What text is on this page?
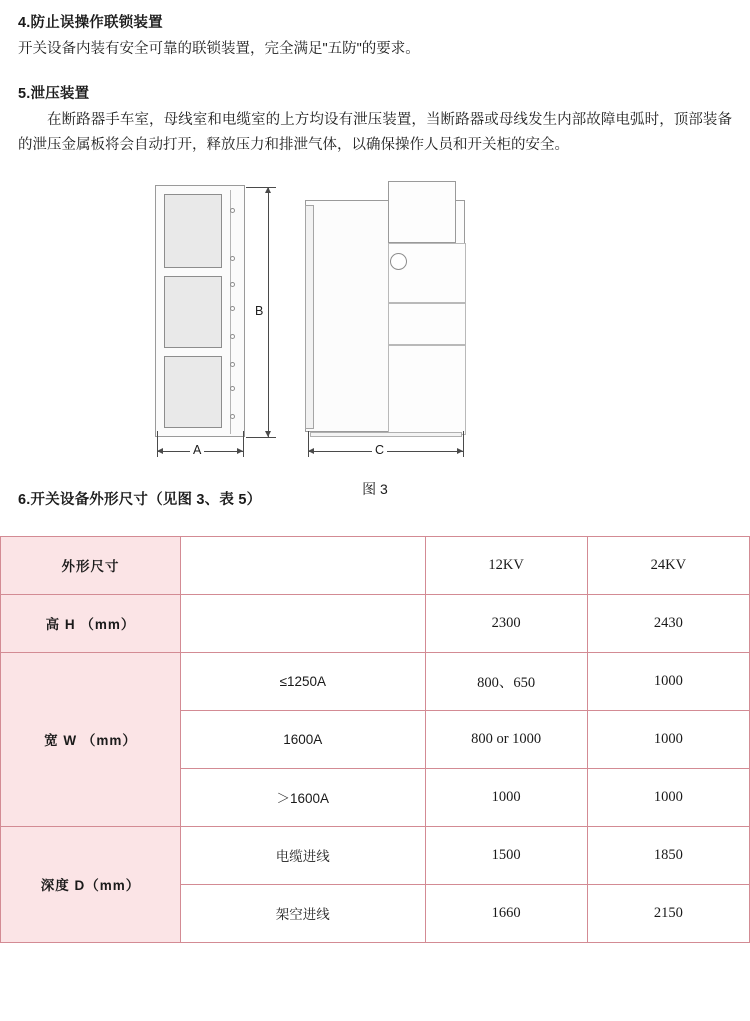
4.防止误操作联锁装置
开关设备内装有安全可靠的联锁装置，完全满足"五防"的要求。
5.泄压装置
在断路器手车室，母线室和电缆室的上方均设有泄压装置，当断路器或母线发生内部故障电弧时，顶部装备的泄压金属板将会自动打开，释放压力和排泄气体，以确保操作人员和开关柜的安全。
B
A	C
图 3
6.开关设备外形尺寸（见图 3、表 5）
外形尺寸		12KV	24KV
高 H （mm）		2300	2430
宽 W （mm）	≤1250A	800、650	1000
	1600A	800 or 1000	1000
	＞1600A	1000	1000
深度 D（mm）	电缆进线	1500	1850
	架空进线	1660	2150
